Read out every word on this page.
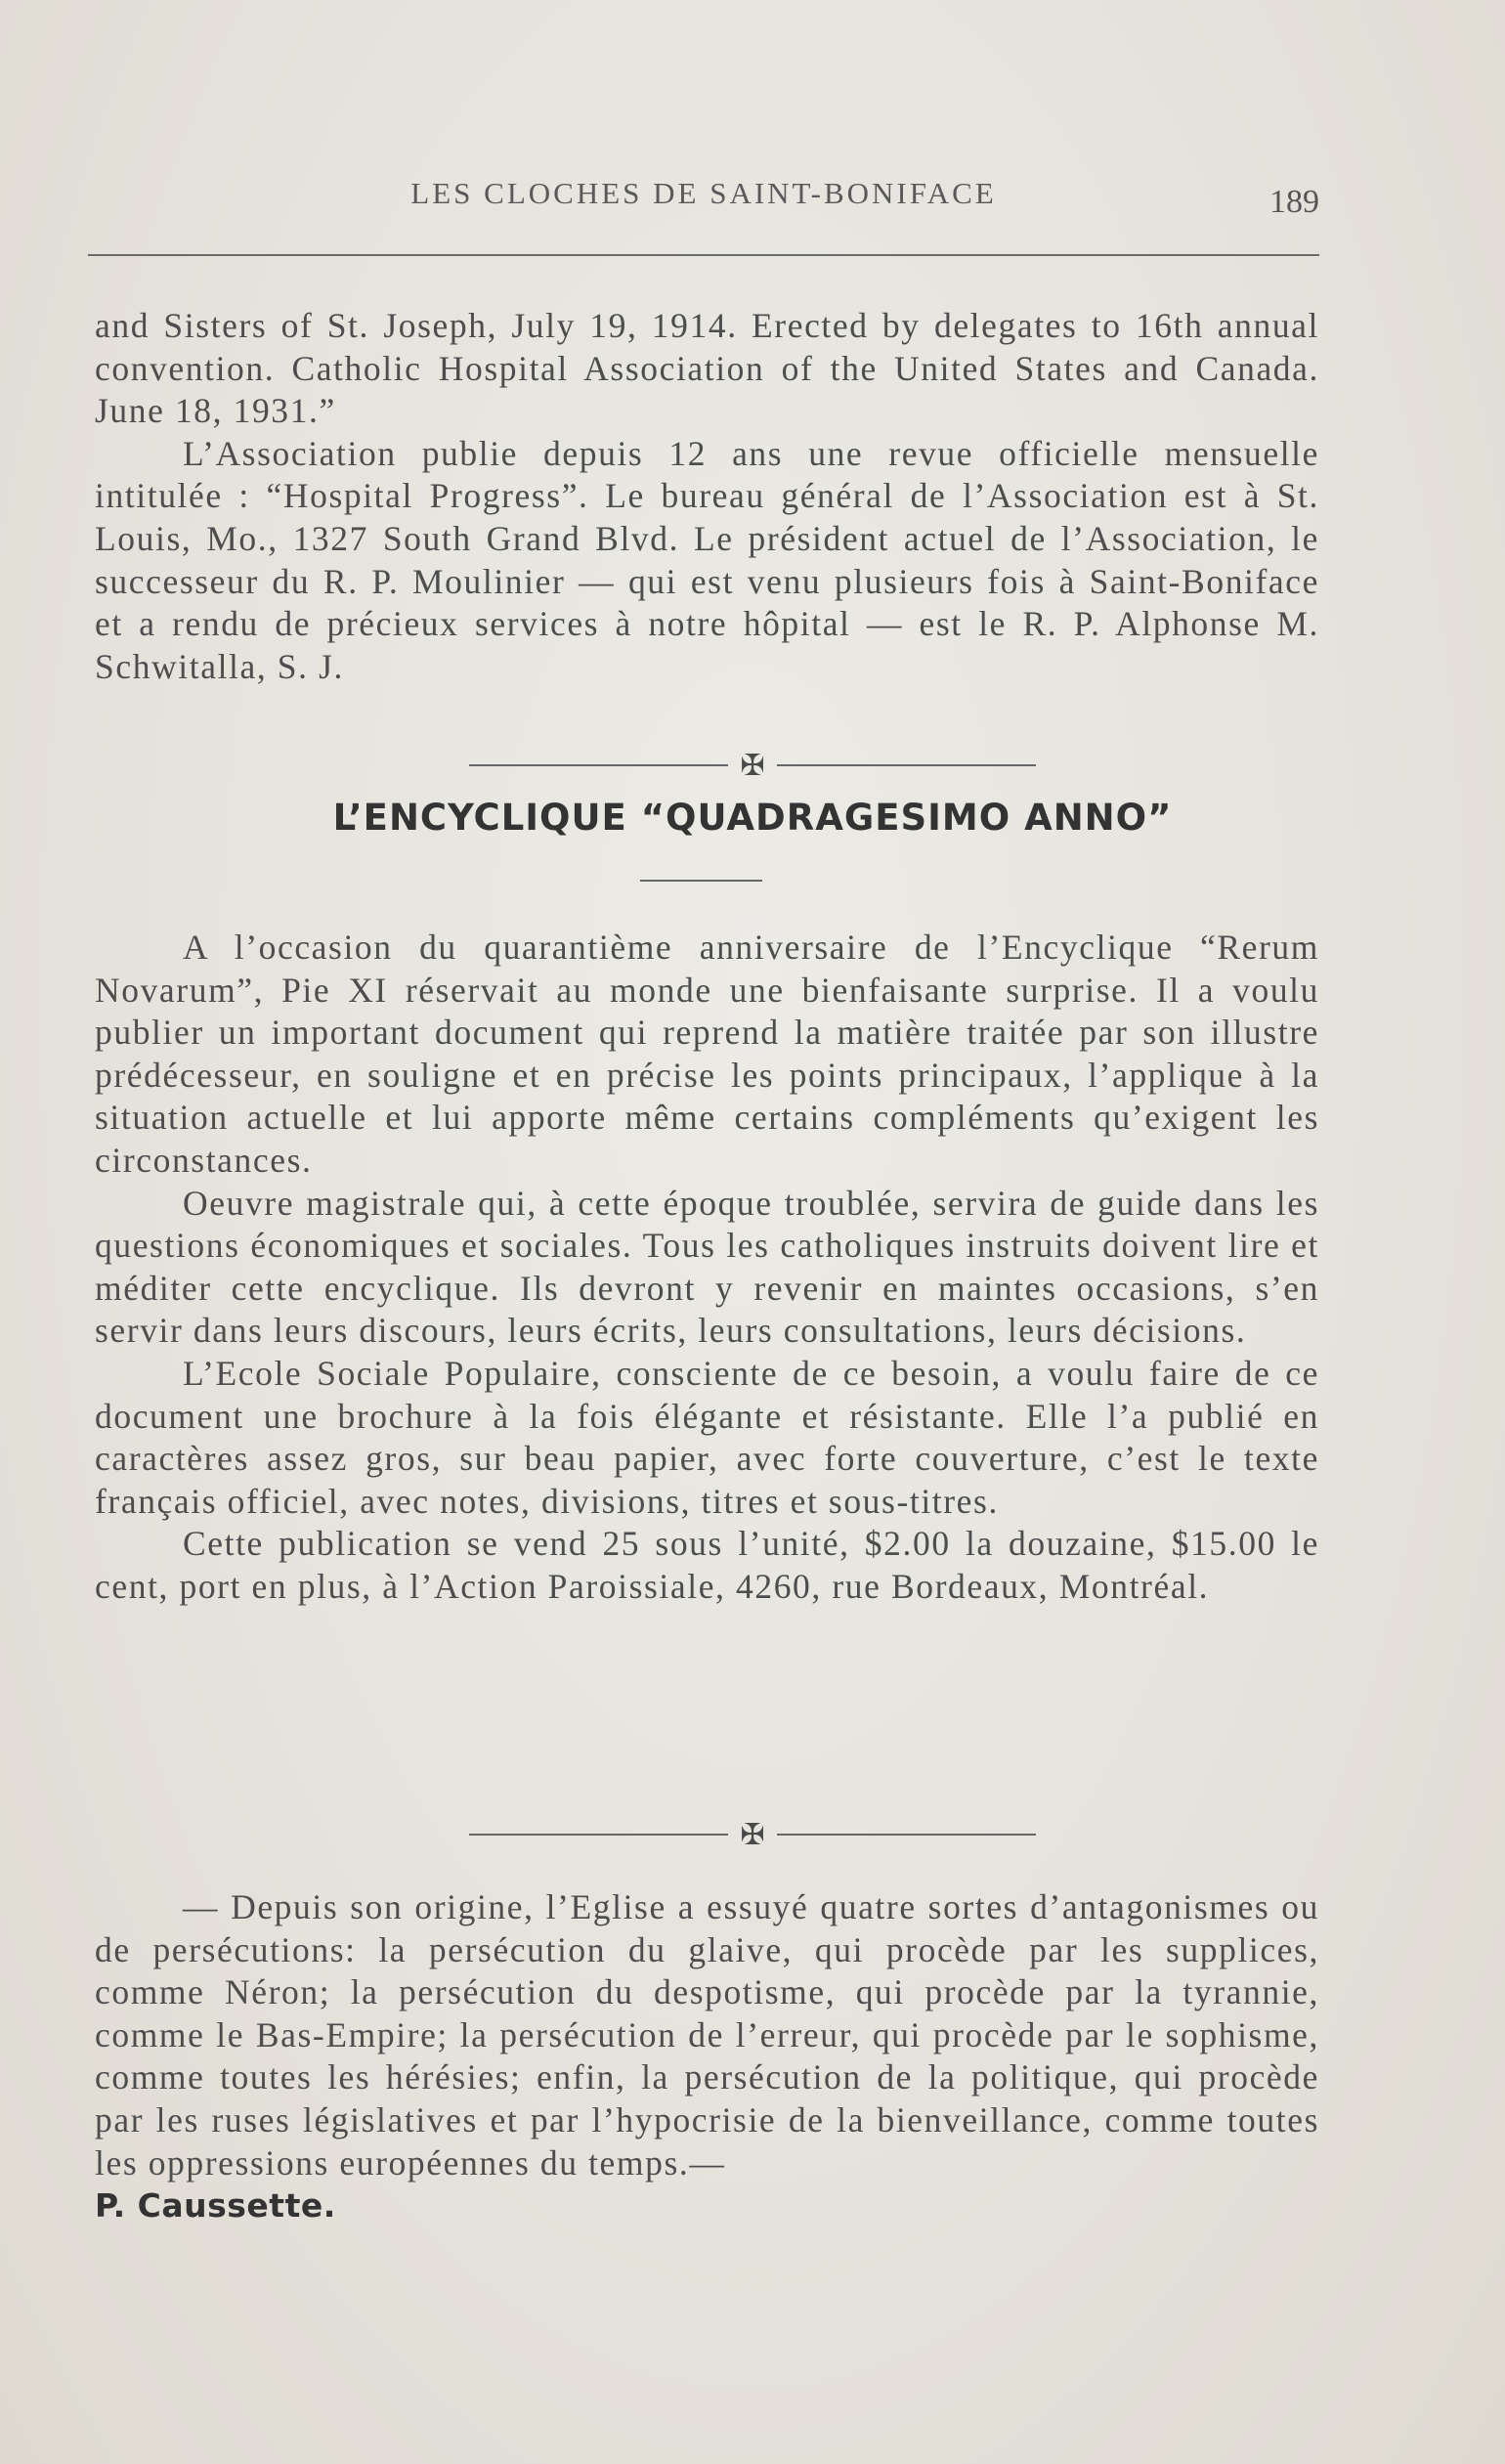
LES CLOCHES DE SAINT-BONIFACE	189

and Sisters of St. Joseph, July 19, 1914. Erected by delegates to 16th annual convention. Catholic Hospital Association of the United States and Canada. June 18, 1931.”

L’Association publie depuis 12 ans une revue officielle mensuelle intitulée : “Hospital Progress”. Le bureau général de l’Association est à St. Louis, Mo., 1327 South Grand Blvd. Le président actuel de l’Association, le successeur du R. P. Moulinier — qui est venu plusieurs fois à Saint-Boniface et a rendu de précieux services à notre hôpital — est le R. P. Alphonse M. Schwitalla, S. J.

✠
L’ENCYCLIQUE “QUADRAGESIMO ANNO”

A l’occasion du quarantième anniversaire de l’Encyclique “Rerum Novarum”, Pie XI réservait au monde une bienfaisante surprise. Il a voulu publier un important document qui reprend la matière traitée par son illustre prédécesseur, en souligne et en précise les points principaux, l’applique à la situation actuelle et lui apporte même certains compléments qu’exigent les circonstances.

Oeuvre magistrale qui, à cette époque troublée, servira de guide dans les questions économiques et sociales. Tous les catholiques instruits doivent lire et méditer cette encyclique. Ils devront y revenir en maintes occasions, s’en servir dans leurs discours, leurs écrits, leurs consultations, leurs décisions.

L’Ecole Sociale Populaire, consciente de ce besoin, a voulu faire de ce document une brochure à la fois élégante et résistante. Elle l’a publié en caractères assez gros, sur beau papier, avec forte couverture, c’est le texte français officiel, avec notes, divisions, titres et sous-titres.

Cette publication se vend 25 sous l’unité, $2.00 la douzaine, $15.00 le cent, port en plus, à l’Action Paroissiale, 4260, rue Bordeaux, Montréal.

✠

— Depuis son origine, l’Eglise a essuyé quatre sortes d’antagonismes ou de persécutions: la persécution du glaive, qui procède par les supplices, comme Néron; la persécution du despotisme, qui procède par la tyrannie, comme le Bas-Empire; la persécution de l’erreur, qui procède par le sophisme, comme toutes les hérésies; enfin, la persécution de la politique, qui procède par les ruses législatives et par l’hypocrisie de la bienveillance, comme toutes les oppressions européennes du temps.—

P. Caussette.
